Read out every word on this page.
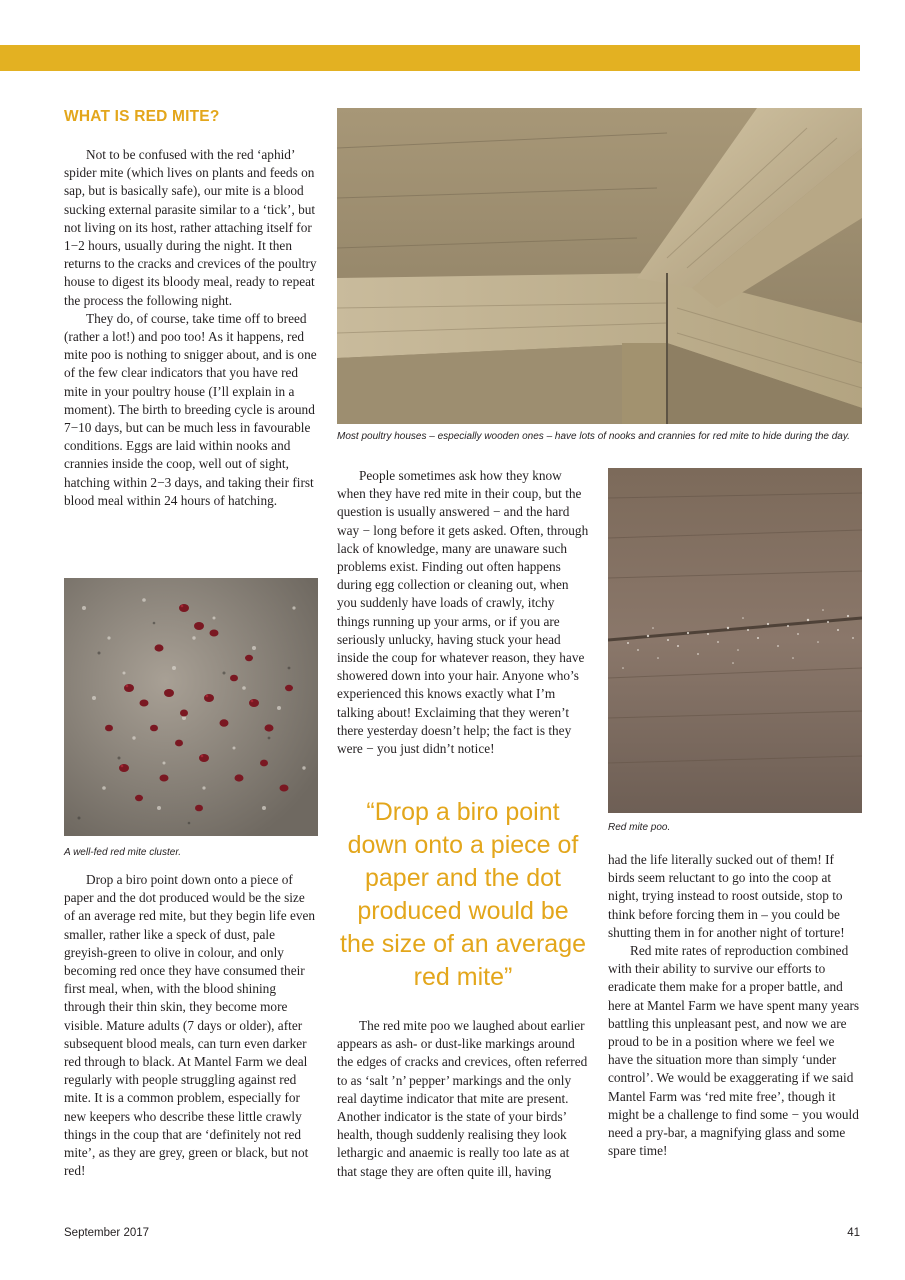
WHAT IS RED MITE?

Not to be confused with the red ‘aphid’ spider mite (which lives on plants and feeds on sap, but is basically safe), our mite is a blood sucking external parasite similar to a ‘tick’, but not living on its host, rather attaching itself for 1−2 hours, usually during the night. It then returns to the cracks and crevices of the poultry house to digest its bloody meal, ready to repeat the process the following night.

They do, of course, take time off to breed (rather a lot!) and poo too! As it happens, red mite poo is nothing to snigger about, and is one of the few clear indicators that you have red mite in your poultry house (I’ll explain in a moment). The birth to breeding cycle is around 7−10 days, but can be much less in favourable conditions. Eggs are laid within nooks and crannies inside the coop, well out of sight, hatching within 2−3 days, and taking their first blood meal within 24 hours of hatching.

A well-fed red mite cluster.

Drop a biro point down onto a piece of paper and the dot produced would be the size of an average red mite, but they begin life even smaller, rather like a speck of dust, pale greyish-green to olive in colour, and only becoming red once they have consumed their first meal, when, with the blood shining through their thin skin, they become more visible. Mature adults (7 days or older), after subsequent blood meals, can turn even darker red through to black. At Mantel Farm we deal regularly with people struggling against red mite. It is a common problem, especially for new keepers who describe these little crawly things in the coup that are ‘definitely not red mite’, as they are grey, green or black, but not red!

Most poultry houses – especially wooden ones – have lots of nooks and crannies for red mite to hide during the day.

People sometimes ask how they know when they have red mite in their coup, but the question is usually answered − and the hard way − long before it gets asked. Often, through lack of knowledge, many are unaware such problems exist. Finding out often happens during egg collection or cleaning out, when you suddenly have loads of crawly, itchy things running up your arms, or if you are seriously unlucky, having stuck your head inside the coup for whatever reason, they have showered down into your hair. Anyone who’s experienced this knows exactly what I’m talking about! Exclaiming that they weren’t there yesterday doesn’t help; the fact is they were − you just didn’t notice!

“Drop a biro point down onto a piece of paper and the dot produced would be the size of an average red mite”

The red mite poo we laughed about earlier appears as ash- or dust-like markings around the edges of cracks and crevices, often referred to as ‘salt ’n’ pepper’ markings and the only real daytime indicator that mite are present. Another indicator is the state of your birds’ health, though suddenly realising they look lethargic and anaemic is really too late as at that stage they are often quite ill, having

Red mite poo.

had the life literally sucked out of them! If birds seem reluctant to go into the coop at night, trying instead to roost outside, stop to think before forcing them in – you could be shutting them in for another night of torture!

Red mite rates of reproduction combined with their ability to survive our efforts to eradicate them make for a proper battle, and here at Mantel Farm we have spent many years battling this unpleasant pest, and now we are proud to be in a position where we feel we have the situation more than simply ‘under control’. We would be exaggerating if we said Mantel Farm was ‘red mite free’, though it might be a challenge to find some − you would need a pry-bar, a magnifying glass and some spare time!

September 2017	41
